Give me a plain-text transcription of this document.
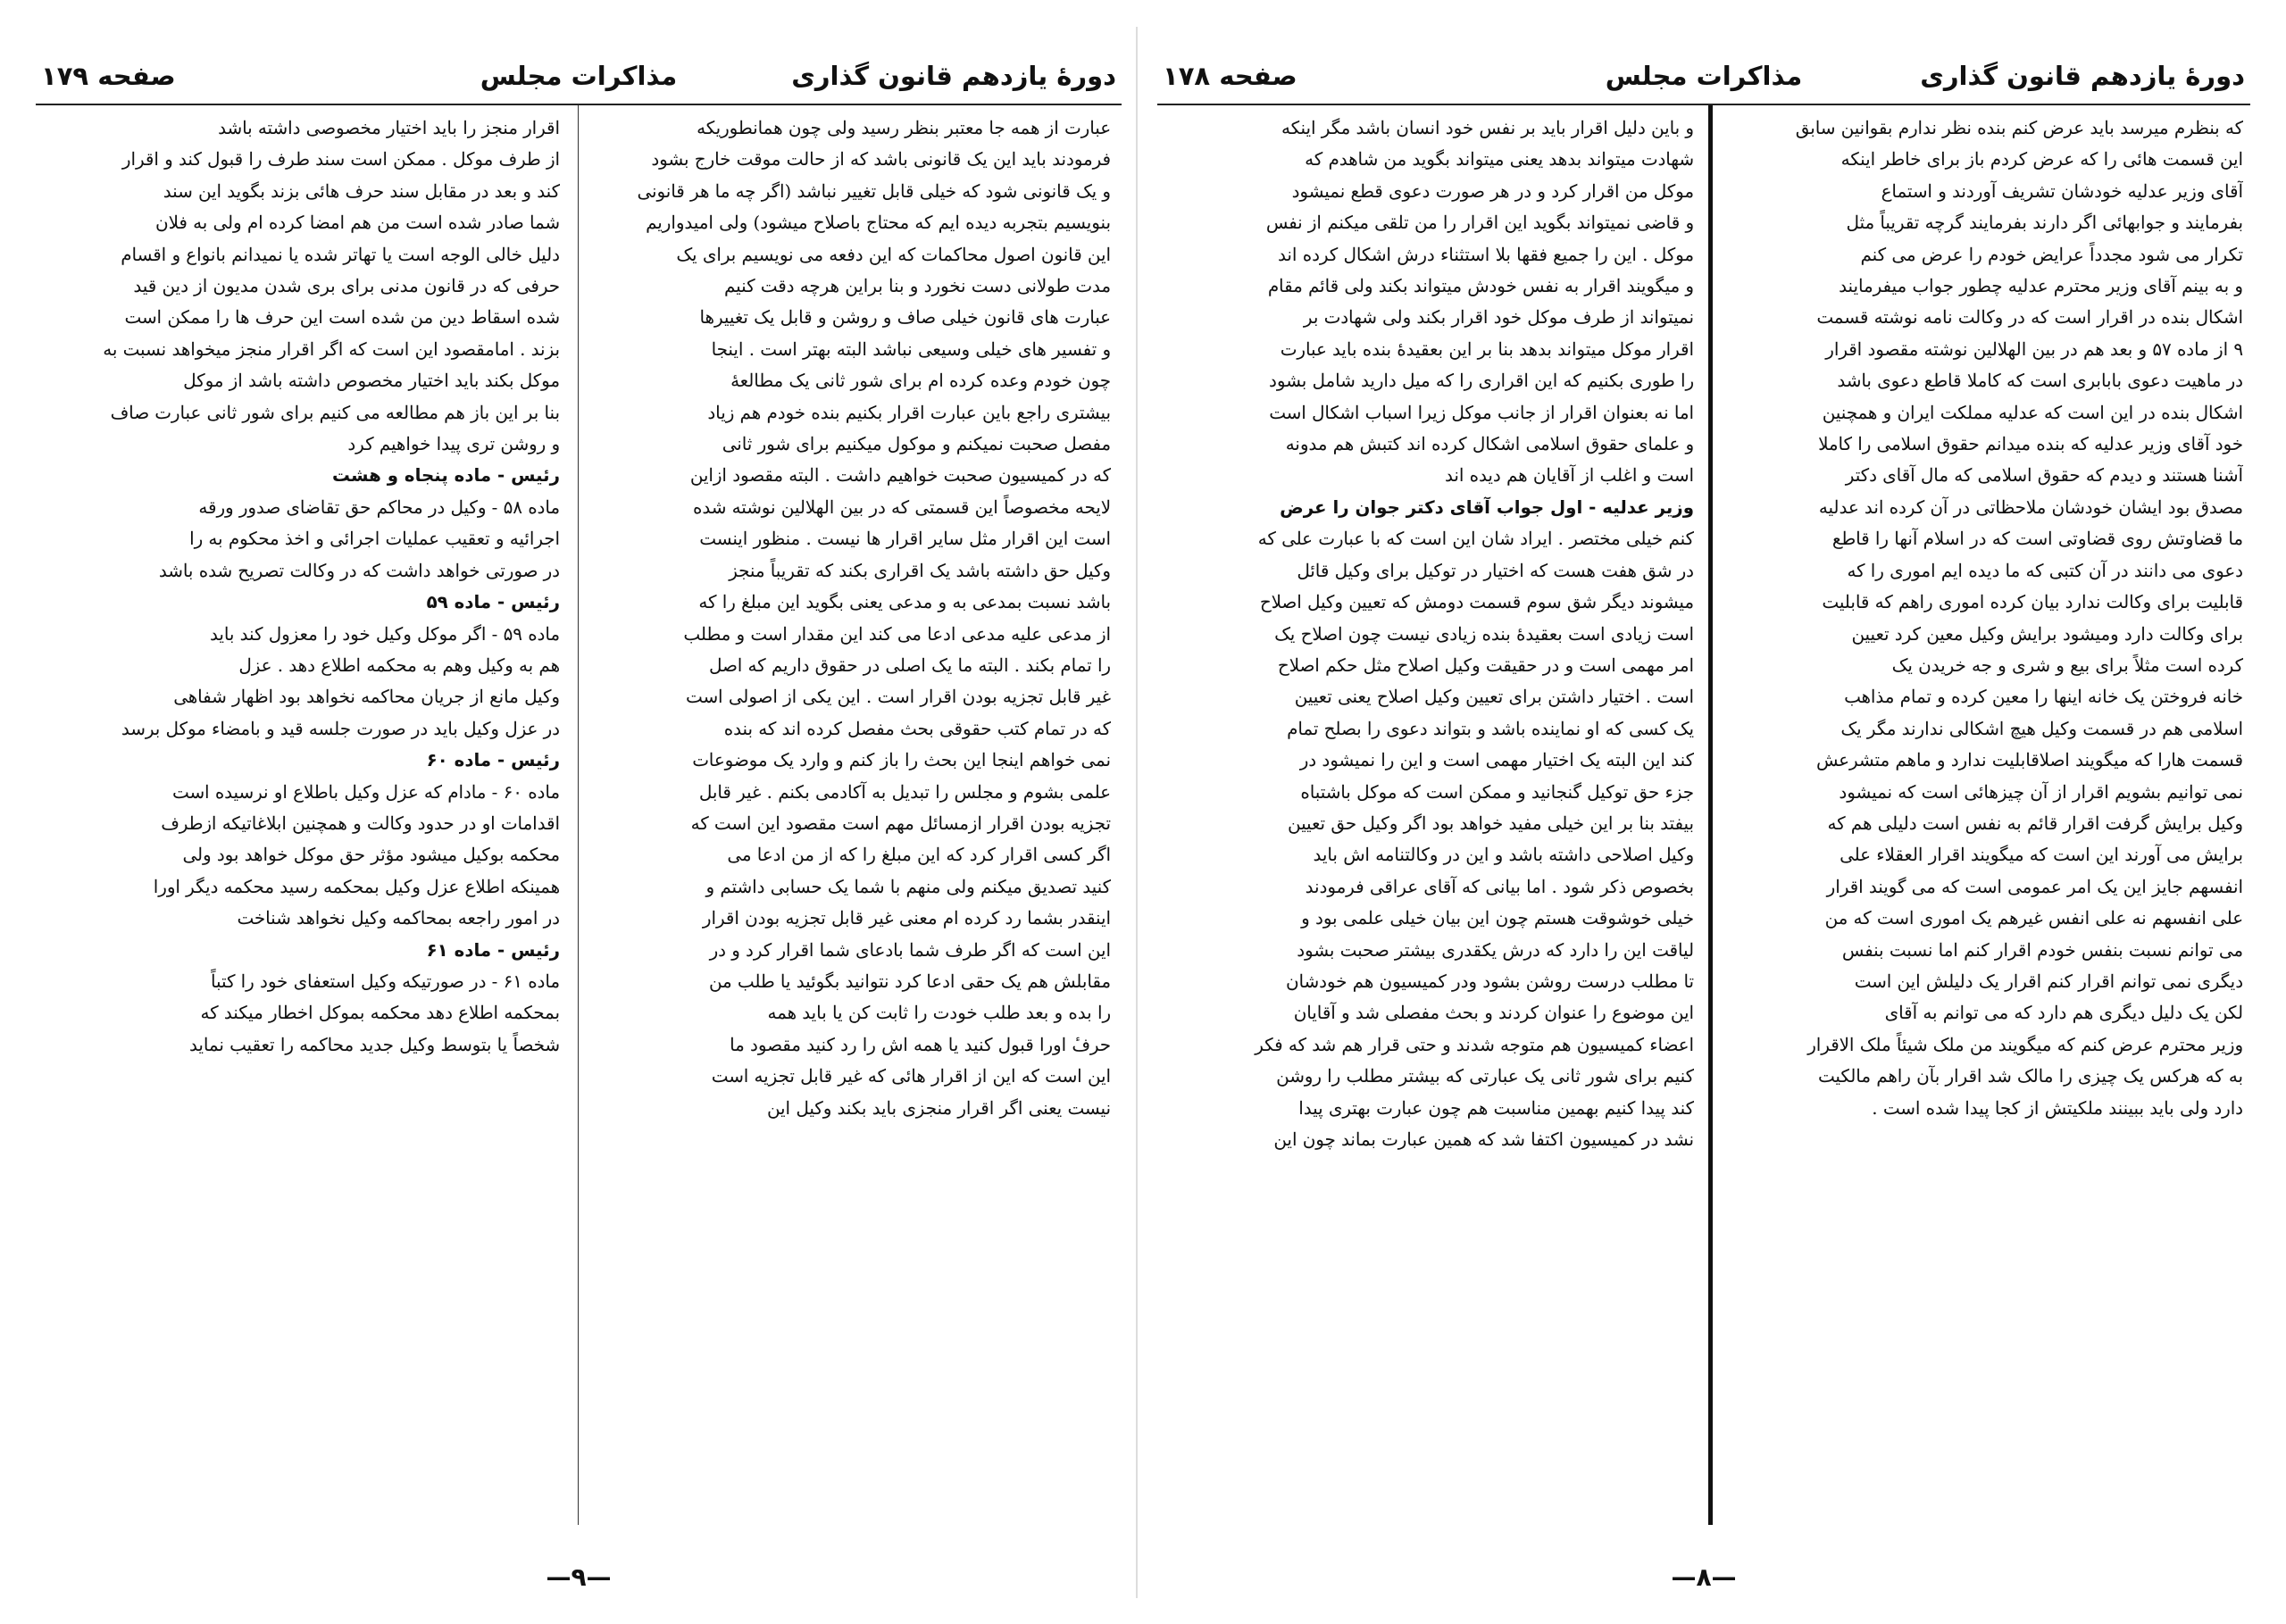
دورهٔ یازدهم قانون گذاری
مذاکرات مجلس
صفحه ۱۷۹
عبارت از همه جا معتبر بنظر رسید ولی چون همانطوریکه
فرمودند باید این یک قانونی باشد که از حالت موقت خارج بشود
و یک قانونی شود که خیلی قابل تغییر نباشد (اگر چه ما هر قانونی
بنویسیم بتجربه دیده ایم که محتاج باصلاح میشود) ولی امیدواریم
این قانون اصول محاکمات که این دفعه می نویسیم برای یک
مدت طولانی دست نخورد و بنا براین هرچه دقت کنیم
عبارت های قانون خیلی صاف و روشن و قابل یک تغییرها
و تفسیر های خیلی وسیعی نباشد البته بهتر است . اینجا
چون خودم وعده کرده ام برای شور ثانی یک مطالعهٔ
بیشتری راجع باین عبارت اقرار بکنیم بنده خودم هم زیاد
مفصل صحبت نمیکنم و موکول میکنیم برای شور ثانی
که در کمیسیون صحبت خواهیم داشت . البته مقصود ازاین
لایحه مخصوصاً این قسمتی که در بین الهلالین نوشته شده
است این اقرار مثل سایر اقرار ها نیست . منظور اینست
وکیل حق داشته باشد یک اقراری بکند که تقریباً منجز
باشد نسبت بمدعی به و مدعی یعنی بگوید این مبلغ را که
از مدعی علیه مدعی ادعا می کند این مقدار است و مطلب
را تمام بکند . البته ما یک اصلی در حقوق داریم که اصل
غیر قابل تجزیه بودن اقرار است . این یکی از اصولی است
که در تمام کتب حقوقی بحث مفصل کرده اند که بنده
نمی خواهم اینجا این بحث را باز کنم و وارد یک موضوعات
علمی بشوم و مجلس را تبدیل به آکادمی بکنم . غیر قابل
تجزیه بودن اقرار ازمسائل مهم است مقصود این است که
اگر کسی اقرار کرد که این مبلغ را که از من ادعا می
کنید تصدیق میکنم ولی منهم با شما یک حسابی داشتم و
اینقدر بشما رد کرده ام معنی غیر قابل تجزیه بودن اقرار
این است که اگر طرف شما بادعای شما اقرار کرد و در
مقابلش هم یک حقی ادعا کرد نتوانید بگوئید یا طلب من
را بده و بعد طلب خودت را ثابت کن یا باید همه
حرفٔ اورا قبول کنید یا همه اش را رد کنید مقصود ما
این است که این از اقرار هائی که غیر قابل تجزیه است
نیست یعنی اگر اقرار منجزی باید بکند وکیل این
اقرار منجز را باید اختیار مخصوصی داشته باشد
از طرف موکل . ممکن است سند طرف را قبول کند و اقرار
کند و بعد در مقابل سند حرف هائی بزند بگوید این سند
شما صادر شده است من هم امضا کرده ام ولی به فلان
دلیل خالی الوجه است یا تهاتر شده یا نمیدانم بانواع و اقسام
حرفی که در قانون مدنی برای بری شدن مدیون از دین قید
شده اسقاط دین من شده است این حرف ها را ممکن است
بزند . امامقصود این است که اگر اقرار منجز میخواهد نسبت به
موکل بکند باید اختیار مخصوص داشته باشد از موکل
بنا بر این باز هم مطالعه می کنیم برای شور ثانی عبارت صاف
و روشن تری پیدا خواهیم کرد
رئیس - ماده پنجاه و هشت
ماده ۵۸ - وکیل در محاکم حق تقاضای صدور ورقه
اجرائیه و تعقیب عملیات اجرائی و اخذ محکوم به را
در صورتی خواهد داشت که در وکالت تصریح شده باشد
رئیس - ماده ۵۹
ماده ۵۹ - اگر موکل وکیل خود را معزول کند باید
هم به وکیل وهم به محکمه اطلاع دهد . عزل
وکیل مانع از جریان محاکمه نخواهد بود اظهار شفاهی
در عزل وکیل باید در صورت جلسه قید و بامضاء موکل برسد
رئیس - ماده ۶۰
ماده ۶۰ - مادام که عزل وکیل باطلاع او نرسیده است
اقدامات او در حدود وکالت و همچنین ابلاغاتیکه ازطرف
محکمه بوکیل میشود مؤثر حق موکل خواهد بود ولی
همینکه اطلاع عزل وکیل بمحکمه رسید محکمه دیگر اورا
در امور راجعه بمحاکمه وکیل نخواهد شناخت
رئیس - ماده ۶۱
ماده ۶۱ - در صورتیکه وکیل استعفای خود را کتباً
بمحکمه اطلاع دهد محکمه بموکل اخطار میکند که
شخصاً یا بتوسط وکیل جدید محاکمه را تعقیب نماید
—۹—
دورهٔ یازدهم قانون گذاری
مذاکرات مجلس
صفحه ۱۷۸
که بنظرم میرسد باید عرض کنم بنده نظر ندارم بقوانین سابق
این قسمت هائی را که عرض کردم باز برای خاطر اینکه
آقای وزیر عدلیه خودشان تشریف آوردند و استماع
بفرمایند و جوابهائی اگر دارند بفرمایند گرچه تقریباً مثل
تکرار می شود مجدداً عرایض خودم را عرض می کنم
و به بینم آقای وزیر محترم عدلیه چطور جواب میفرمایند
اشکال بنده در اقرار است که در وکالت نامه نوشته قسمت
۹ از ماده ۵۷ و بعد هم در بین الهلالین نوشته مقصود اقرار
در ماهیت دعوی بابابری است که کاملا قاطع دعوی باشد
اشکال بنده در این است که عدلیه مملکت ایران و همچنین
خود آقای وزیر عدلیه که بنده میدانم حقوق اسلامی را کاملا
آشنا هستند و دیدم که حقوق اسلامی که مال آقای دکتر
مصدق بود ایشان خودشان ملاحظاتی در آن کرده اند عدلیه
ما قضاوتش روی قضاوتی است که در اسلام آنها را قاطع
دعوی می دانند در آن کتبی که ما دیده ایم اموری را که
قابلیت برای وکالت ندارد بیان کرده اموری راهم که قابلیت
برای وکالت دارد ومیشود برایش وکیل معین کرد تعیین
کرده است مثلاً برای بیع و شری و جه خریدن یک
خانه فروختن یک خانه اینها را معین کرده و تمام مذاهب
اسلامی هم در قسمت وکیل هیچ اشکالی ندارند مگر یک
قسمت هارا که میگویند اصلاقابلیت ندارد و ماهم متشرعش
نمی توانیم بشویم اقرار از آن چیزهائی است که نمیشود
وکیل برایش گرفت اقرار قائم به نفس است دلیلی هم که
برایش می آورند این است که میگویند اقرار العقلاء علی
انفسهم جایز این یک امر عمومی است که می گویند اقرار
علی انفسهم نه علی انفس غیرهم یک اموری است که من
می توانم نسبت بنفس خودم اقرار کنم اما نسبت بنفس
دیگری نمی توانم اقرار کنم اقرار یک دلیلش این است
لکن یک دلیل دیگری هم دارد که می توانم به آقای
وزیر محترم عرض کنم که میگویند من ملک شیئاً ملک الاقرار
به که هرکس یک چیزی را مالک شد اقرار بآن راهم مالکیت
دارد ولی باید ببینند ملکیتش از کجا پیدا شده است .
و باین دلیل اقرار باید بر نفس خود انسان باشد مگر اینکه
شهادت میتواند بدهد یعنی میتواند بگوید من شاهدم که
موکل من اقرار کرد و در هر صورت دعوی قطع نمیشود
و قاضی نمیتواند بگوید این اقرار را من تلقی میکنم از نفس
موکل . این را جمیع فقها بلا استثناء درش اشکال کرده اند
و میگویند اقرار به نفس خودش میتواند بکند ولی قائم مقام
نمیتواند از طرف موکل خود اقرار بکند ولی شهادت بر
اقرار موکل میتواند بدهد بنا بر این بعقیدهٔ بنده باید عبارت
را طوری بکنیم که این اقراری را که میل دارید شامل بشود
اما نه بعنوان اقرار از جانب موکل زیرا اسباب اشکال است
و علمای حقوق اسلامی اشکال کرده اند کتبش هم مدونه
است و اغلب از آقایان هم دیده اند
وزیر عدلیه - اول جواب آقای دکتر جوان را عرض
کنم خیلی مختصر . ایراد شان این است که با عبارت علی که
در شق هفت هست که اختیار در توکیل برای وکیل قائل
میشوند دیگر شق سوم قسمت دومش که تعیین وکیل اصلاح
است زیادی است بعقیدهٔ بنده زیادی نیست چون اصلاح یک
امر مهمی است و در حقیقت وکیل اصلاح مثل حکم اصلاح
است . اختیار داشتن برای تعیین وکیل اصلاح یعنی تعیین
یک کسی که او نماینده باشد و بتواند دعوی را بصلح تمام
کند این البته یک اختیار مهمی است و این را نمیشود در
جزء حق توکیل گنجانید و ممکن است که موکل باشتباه
بیفتد بنا بر این خیلی مفید خواهد بود اگر وکیل حق تعیین
وکیل اصلاحی داشته باشد و این در وکالتنامه اش باید
بخصوص ذکر شود . اما بیانی که آقای عراقی فرمودند
خیلی خوشوقت هستم چون این بیان خیلی علمی بود و
لیاقت این را دارد که درش یکقدری بیشتر صحبت بشود
تا مطلب درست روشن بشود ودر کمیسیون هم خودشان
این موضوع را عنوان کردند و بحث مفصلی شد و آقایان
اعضاء کمیسیون هم متوجه شدند و حتی قرار هم شد که فکر
کنیم برای شور ثانی یک عبارتی که بیشتر مطلب را روشن
کند پیدا کنیم بهمین مناسبت هم چون عبارت بهتری پیدا
نشد در کمیسیون اکتفا شد که همین عبارت بماند چون این
—۸—
